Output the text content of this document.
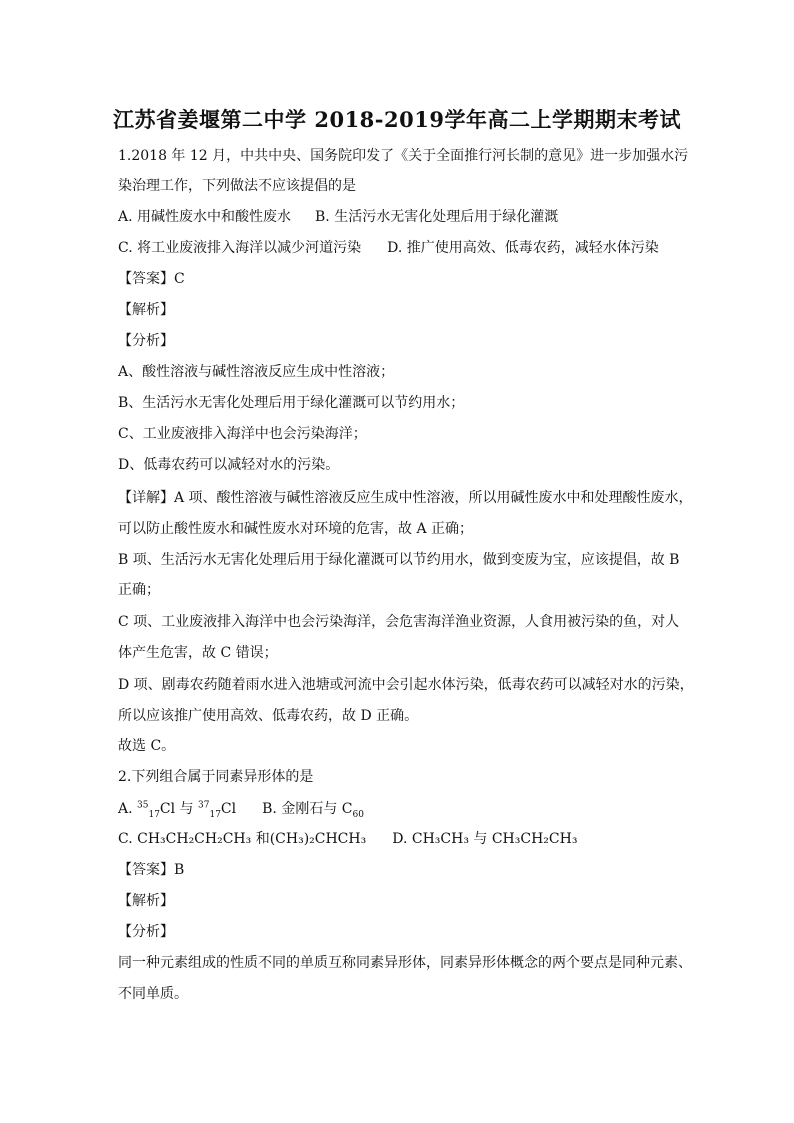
江苏省姜堰第二中学 2018-2019学年高二上学期期末考试
1.2018 年 12 月，中共中央、国务院印发了《关于全面推行河长制的意见》进一步加强水污
染治理工作，下列做法不应该提倡的是
A. 用碱性废水中和酸性废水 B. 生活污水无害化处理后用于绿化灌溉
C. 将工业废液排入海洋以减少河道污染 D. 推广使用高效、低毒农药，减轻水体污染
【答案】C
【解析】
【分析】
A、酸性溶液与碱性溶液反应生成中性溶液；
B、生活污水无害化处理后用于绿化灌溉可以节约用水；
C、工业废液排入海洋中也会污染海洋；
D、低毒农药可以减轻对水的污染。
【详解】A 项、酸性溶液与碱性溶液反应生成中性溶液，所以用碱性废水中和处理酸性废水，
可以防止酸性废水和碱性废水对环境的危害，故 A 正确；
B 项、生活污水无害化处理后用于绿化灌溉可以节约用水，做到变废为宝，应该提倡，故 B
正确；
C 项、工业废液排入海洋中也会污染海洋，会危害海洋渔业资源，人食用被污染的鱼，对人
体产生危害，故 C 错误；
D 项、剧毒农药随着雨水进入池塘或河流中会引起水体污染，低毒农药可以减轻对水的污染，
所以应该推广使用高效、低毒农药，故 D 正确。
故选 C。
2.下列组合属于同素异形体的是
A. $^{35}_{17}$Cl 与 $^{37}_{17}$Cl B. 金刚石与 $C_{60}$
C. CH₃CH₂CH₂CH₃ 和(CH₃)₂CHCH₃ D. CH₃CH₃ 与 CH₃CH₂CH₃
【答案】B
【解析】
【分析】
同一种元素组成的性质不同的单质互称同素异形体，同素异形体概念的两个要点是同种元素、
不同单质。
